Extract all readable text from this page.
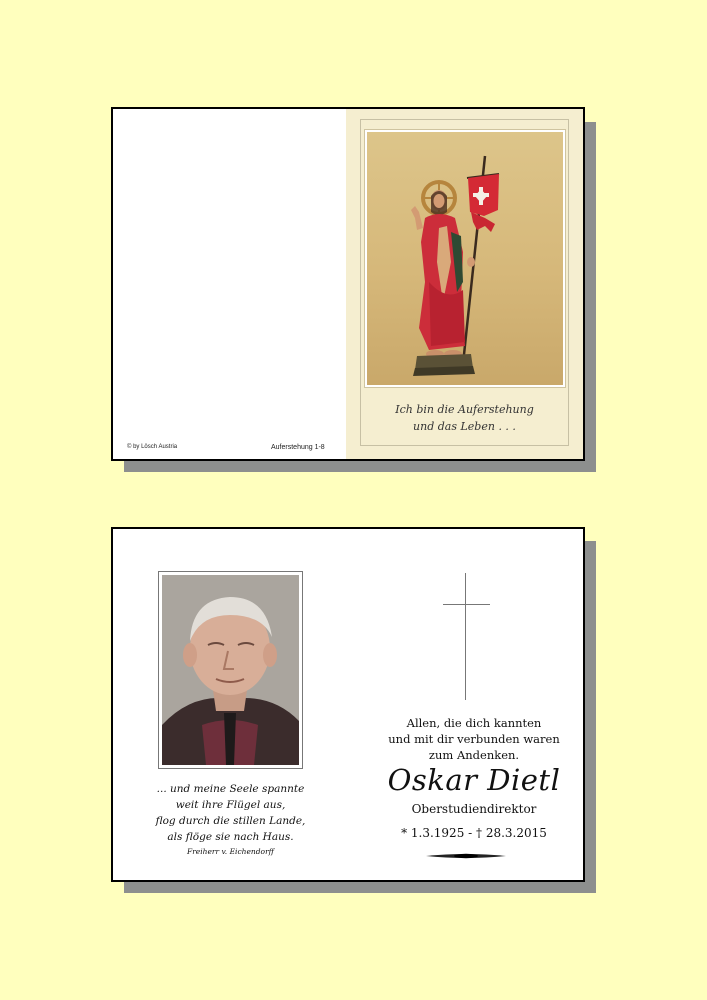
© by Lösch Austria	Auferstehung 1-8
Ich bin die Auferstehung
und das Leben . . .
... und meine Seele spannte
weit ihre Flügel aus,
flog durch die stillen Lande,
als flöge sie nach Haus.
Freiherr v. Eichendorff
Allen, die dich kannten
und mit dir verbunden waren
zum Andenken.
Oskar Dietl
Oberstudiendirektor
* 1.3.1925 - † 28.3.2015
